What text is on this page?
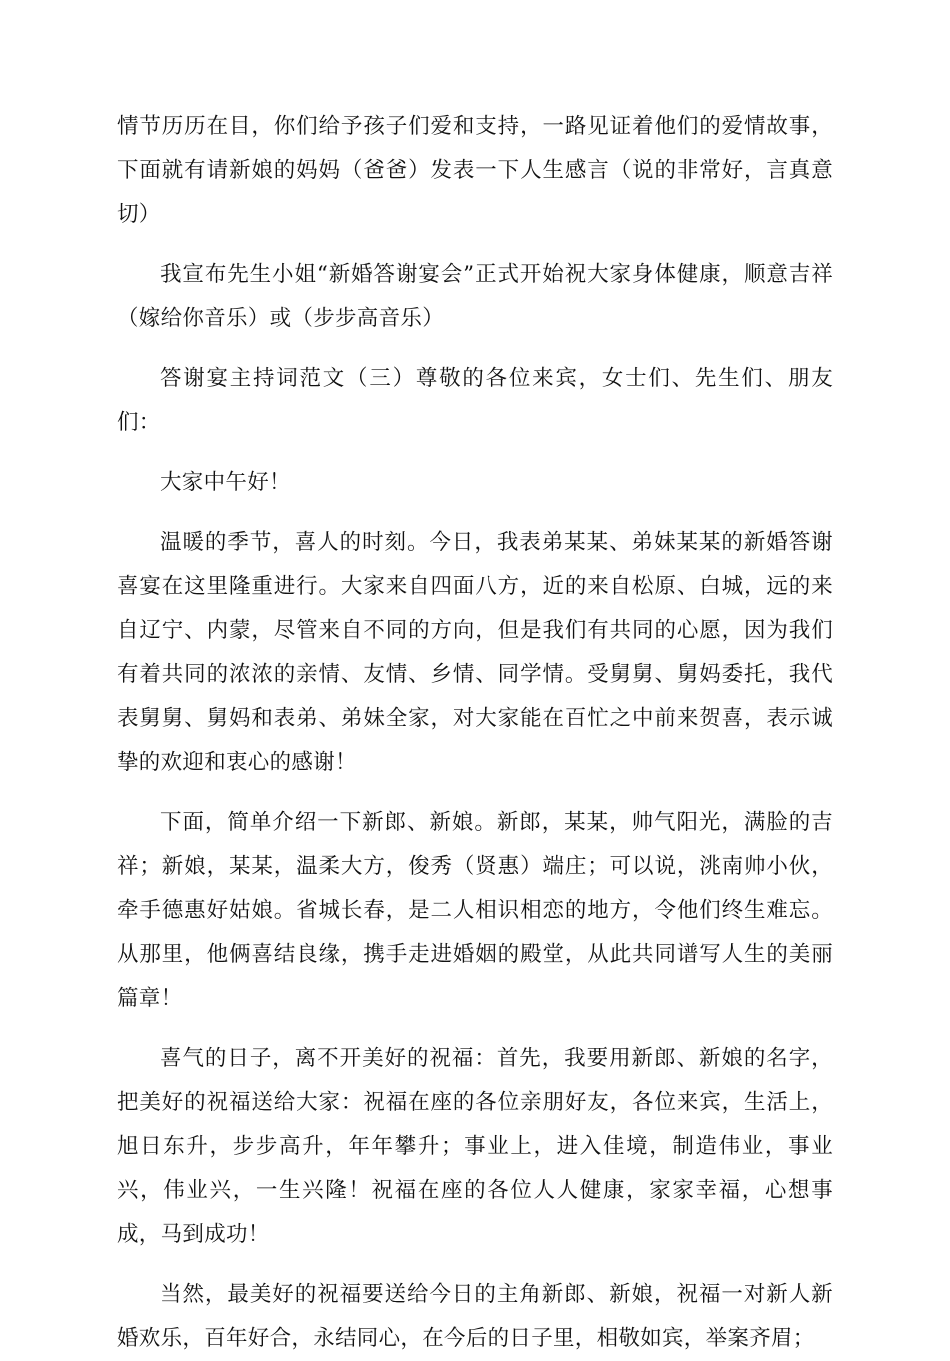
情节历历在目，你们给予孩子们爱和支持，一路见证着他们的爱情故事，下面就有请新娘的妈妈（爸爸）发表一下人生感言（说的非常好，言真意切）

我宣布先生小姐“新婚答谢宴会”正式开始祝大家身体健康，顺意吉祥（嫁给你音乐）或（步步高音乐）

答谢宴主持词范文（三）尊敬的各位来宾，女士们、先生们、朋友们：

大家中午好！

温暖的季节，喜人的时刻。今日，我表弟某某、弟妹某某的新婚答谢喜宴在这里隆重进行。大家来自四面八方，近的来自松原、白城，远的来自辽宁、内蒙，尽管来自不同的方向，但是我们有共同的心愿，因为我们有着共同的浓浓的亲情、友情、乡情、同学情。受舅舅、舅妈委托，我代表舅舅、舅妈和表弟、弟妹全家，对大家能在百忙之中前来贺喜，表示诚挚的欢迎和衷心的感谢！

下面，简单介绍一下新郎、新娘。新郎，某某，帅气阳光，满脸的吉祥；新娘，某某，温柔大方，俊秀（贤惠）端庄；可以说，洮南帅小伙，牵手德惠好姑娘。省城长春，是二人相识相恋的地方，令他们终生难忘。从那里，他俩喜结良缘，携手走进婚姻的殿堂，从此共同谱写人生的美丽篇章！

喜气的日子，离不开美好的祝福：首先，我要用新郎、新娘的名字，把美好的祝福送给大家：祝福在座的各位亲朋好友，各位来宾，生活上，旭日东升，步步高升，年年攀升；事业上，进入佳境，制造伟业，事业兴，伟业兴，一生兴隆！祝福在座的各位人人健康，家家幸福，心想事成，马到成功！

当然，最美好的祝福要送给今日的主角新郎、新娘，祝福一对新人新婚欢乐，百年好合，永结同心，在今后的日子里，相敬如宾，举案齐眉；
